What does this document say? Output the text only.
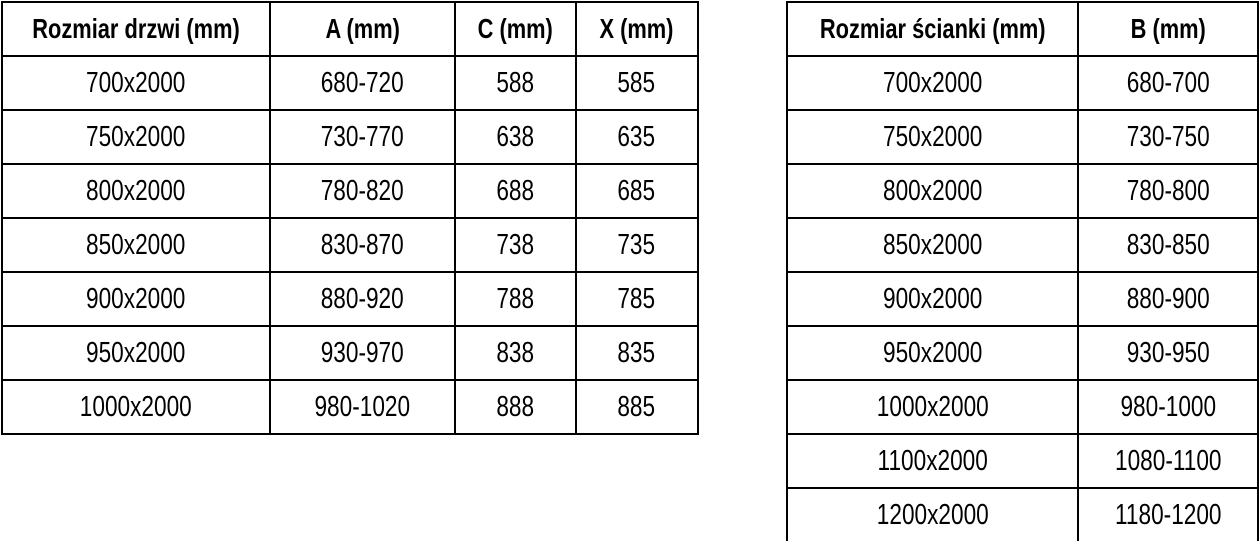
Rozmiar drzwi (mm)	A (mm)	C (mm)	X (mm)
700x2000	680-720	588	585
750x2000	730-770	638	635
800x2000	780-820	688	685
850x2000	830-870	738	735
900x2000	880-920	788	785
950x2000	930-970	838	835
1000x2000	980-1020	888	885
Rozmiar ścianki (mm)	B (mm)
700x2000	680-700
750x2000	730-750
800x2000	780-800
850x2000	830-850
900x2000	880-900
950x2000	930-950
1000x2000	980-1000
1100x2000	1080-1100
1200x2000	1180-1200
